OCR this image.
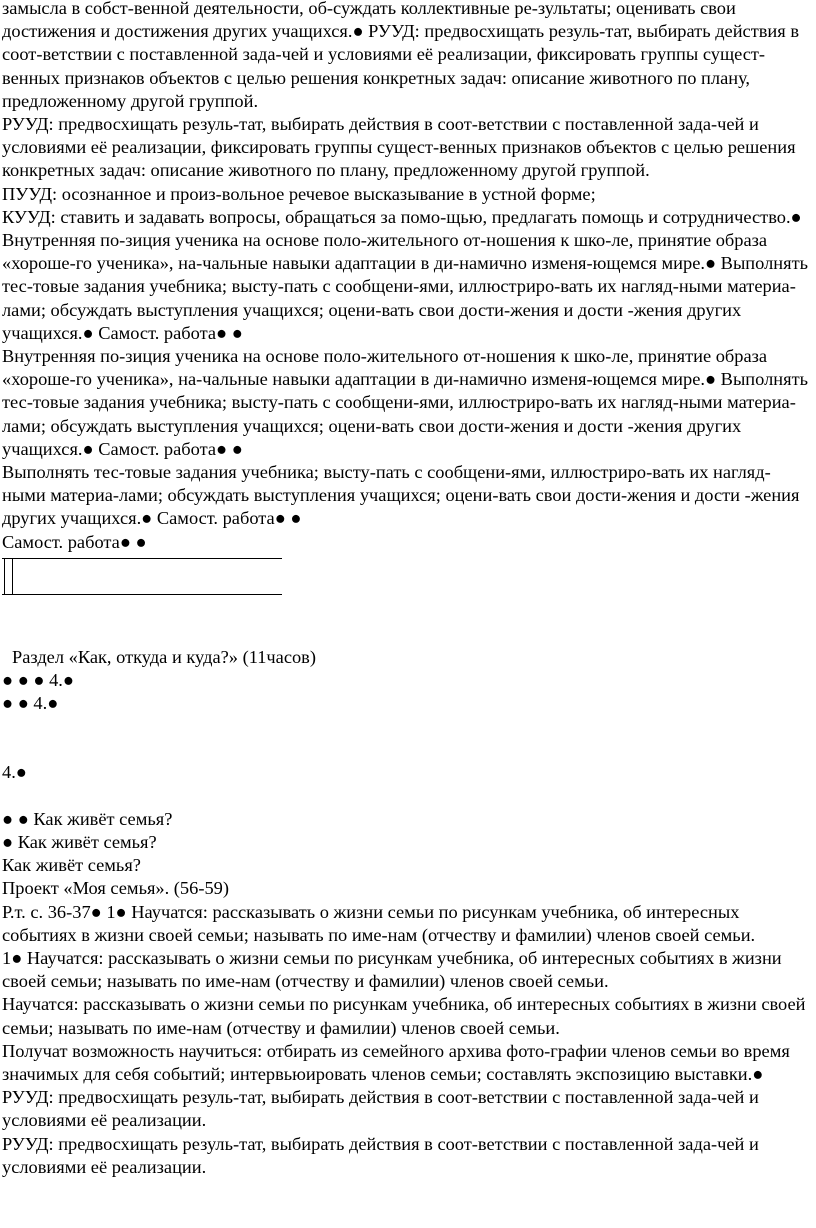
замысла в собст-венной деятельности, об-суждать коллективные ре-зультаты; оценивать свои достижения и достижения других учащихся.● РУУД: предвосхищать резуль-тат, выбирать действия в соот-ветствии с поставленной зада-чей и условиями её реализации, фиксировать группы сущест-венных признаков объектов с целью решения конкретных задач: описание животного по плану, предложенному другой группой.

РУУД: предвосхищать резуль-тат, выбирать действия в соот-ветствии с поставленной зада-чей и условиями её реализации, фиксировать группы сущест-венных признаков объектов с целью решения конкретных задач: описание животного по плану, предложенному другой группой.

ПУУД: осознанное и произ-вольное речевое высказывание в устной форме;

КУУД: ставить и задавать вопросы, обращаться за помо-щью, предлагать помощь и сотрудничество.● Внутренняя по-зиция ученика на основе поло-жительного от-ношения к шко-ле, принятие образа «хороше-го ученика», на-чальные навыки адаптации в ди-намично изменя-ющемся мире.● Выполнять тес-товые задания учебника; высту-пать с сообщени-ями, иллюстриро-вать их нагляд-ными материа-лами; обсуждать выступления учащихся; оцени-вать свои дости-жения и дости -жения других учащихся.● Самост. работа● ●

Внутренняя по-зиция ученика на основе поло-жительного от-ношения к шко-ле, принятие образа «хороше-го ученика», на-чальные навыки адаптации в ди-намично изменя-ющемся мире.● Выполнять тес-товые задания учебника; высту-пать с сообщени-ями, иллюстриро-вать их нагляд-ными материа-лами; обсуждать выступления учащихся; оцени-вать свои дости-жения и дости -жения других учащихся.● Самост. работа● ●

Выполнять тес-товые задания учебника; высту-пать с сообщени-ями, иллюстриро-вать их нагляд-ными материа-лами; обсуждать выступления учащихся; оцени-вать свои дости-жения и дости -жения других учащихся.● Самост. работа● ●

Самост. работа● ●

Раздел «Как, откуда и куда?» (11часов)

● ● ● 4.●

● ● 4.●

4.●

● ● Как живёт семья?

● Как живёт семья?

Как живёт семья?

Проект «Моя семья». (56-59)

Р.т. с. 36-37● 1● Научатся: рассказывать о жизни семьи по рисункам учебника, об интересных событиях в жизни своей семьи; называть по име-нам (отчеству и фамилии) членов своей семьи.

1● Научатся: рассказывать о жизни семьи по рисункам учебника, об интересных событиях в жизни своей семьи; называть по име-нам (отчеству и фамилии) членов своей семьи.

Научатся: рассказывать о жизни семьи по рисункам учебника, об интересных событиях в жизни своей семьи; называть по име-нам (отчеству и фамилии) членов своей семьи.

Получат возможность научиться: отбирать из семейного архива фото-графии членов семьи во время значимых для себя событий; интервьюировать членов семьи; составлять экспозицию выставки.● РУУД: предвосхищать резуль-тат, выбирать действия в соот-ветствии с поставленной зада-чей и условиями её реализации.

РУУД: предвосхищать резуль-тат, выбирать действия в соот-ветствии с поставленной зада-чей и условиями её реализации.
